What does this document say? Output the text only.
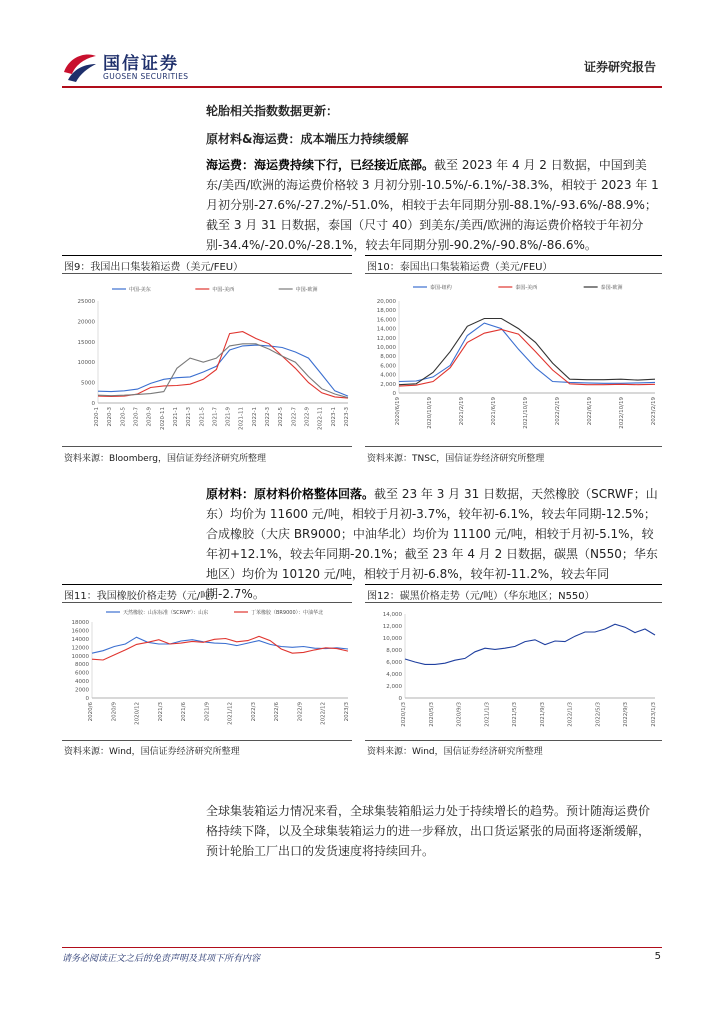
国信证券
GUOSEN SECURITIES
证券研究报告
轮胎相关指数数据更新：
原材料&海运费：成本端压力持续缓解
海运费：海运费持续下行，已经接近底部。截至 2023 年 4 月 2 日数据，中国到美东/美西/欧洲的海运费价格较 3 月初分别-10.5%/-6.1%/-38.3%，相较于 2023 年 1 月初分别-27.6%/-27.2%/-51.0%，相较于去年同期分别-88.1%/-93.6%/-88.9%；截至 3 月 31 日数据，泰国（尺寸 40）到美东/美西/欧洲的海运费价格较于年初分别-34.4%/-20.0%/-28.1%，较去年同期分别-90.2%/-90.8%/-86.6%。
图9：我国出口集装箱运费（美元/FEU）	图10：泰国出口集装箱运费（美元/FEU）
0
5000
10000
15000
20000
25000
2020-1 2020-3 2020-5 2020-7 2020-9 2020-11 2021-1 2021-3 2021-5 2021-7 2021-9 2021-11 2022-1 2022-3 2022-5 2022-7 2022-9 2022-11 2023-1 2023-3
中国-美东	中国-美西	中国-欧洲
0
2,000
4,000
6,000
8,000
10,000
12,000
14,000
16,000
18,000
20,000
2020/6/19	2020/10/19	2021/2/19	2021/6/19	2021/10/19	2022/2/19	2022/6/19	2022/10/19	2023/2/19
泰国-纽约	泰国-美西	泰国-欧洲
资料来源：Bloomberg，国信证券经济研究所整理	资料来源：TNSC，国信证券经济研究所整理
原材料：原材料价格整体回落。截至 23 年 3 月 31 日数据，天然橡胶（SCRWF；山东）均价为 11600 元/吨，相较于月初-3.7%，较年初-6.1%，较去年同期-12.5%；合成橡胶（大庆 BR9000；中油华北）均价为 11100 元/吨，相较于月初-5.1%，较年初+12.1%，较去年同期-20.1%；截至 23 年 4 月 2 日数据，碳黑（N550；华东地区）均价为 10120 元/吨，相较于月初-6.8%，较年初-11.2%，较去年同期-2.7%。
图11：我国橡胶价格走势（元/吨）	图12：碳黑价格走势（元/吨）（华东地区；N550）
0
2000
4000
6000
8000
10000
12000
14000
16000
18000
2020/6	2020/9	2020/12	2021/3	2021/6	2021/9	2021/12	2022/3	2022/6	2022/9	2022/12	2023/3
天然橡胶：山东标准（SCRWF）：山东	丁苯橡胶（BR9000）：中油华北
0
2,000
4,000
6,000
8,000
10,000
12,000
14,000
2020/1/3	2020/5/3	2020/9/3	2021/1/3	2021/5/3	2021/9/3	2022/1/3	2022/5/3	2022/9/3	2023/1/3
资料来源：Wind，国信证券经济研究所整理	资料来源：Wind，国信证券经济研究所整理
全球集装箱运力情况来看，全球集装箱船运力处于持续增长的趋势。预计随海运费价格持续下降，以及全球集装箱运力的进一步释放，出口货运紧张的局面将逐渐缓解，预计轮胎工厂出口的发货速度将持续回升。
请务必阅读正文之后的免责声明及其项下所有内容	5
